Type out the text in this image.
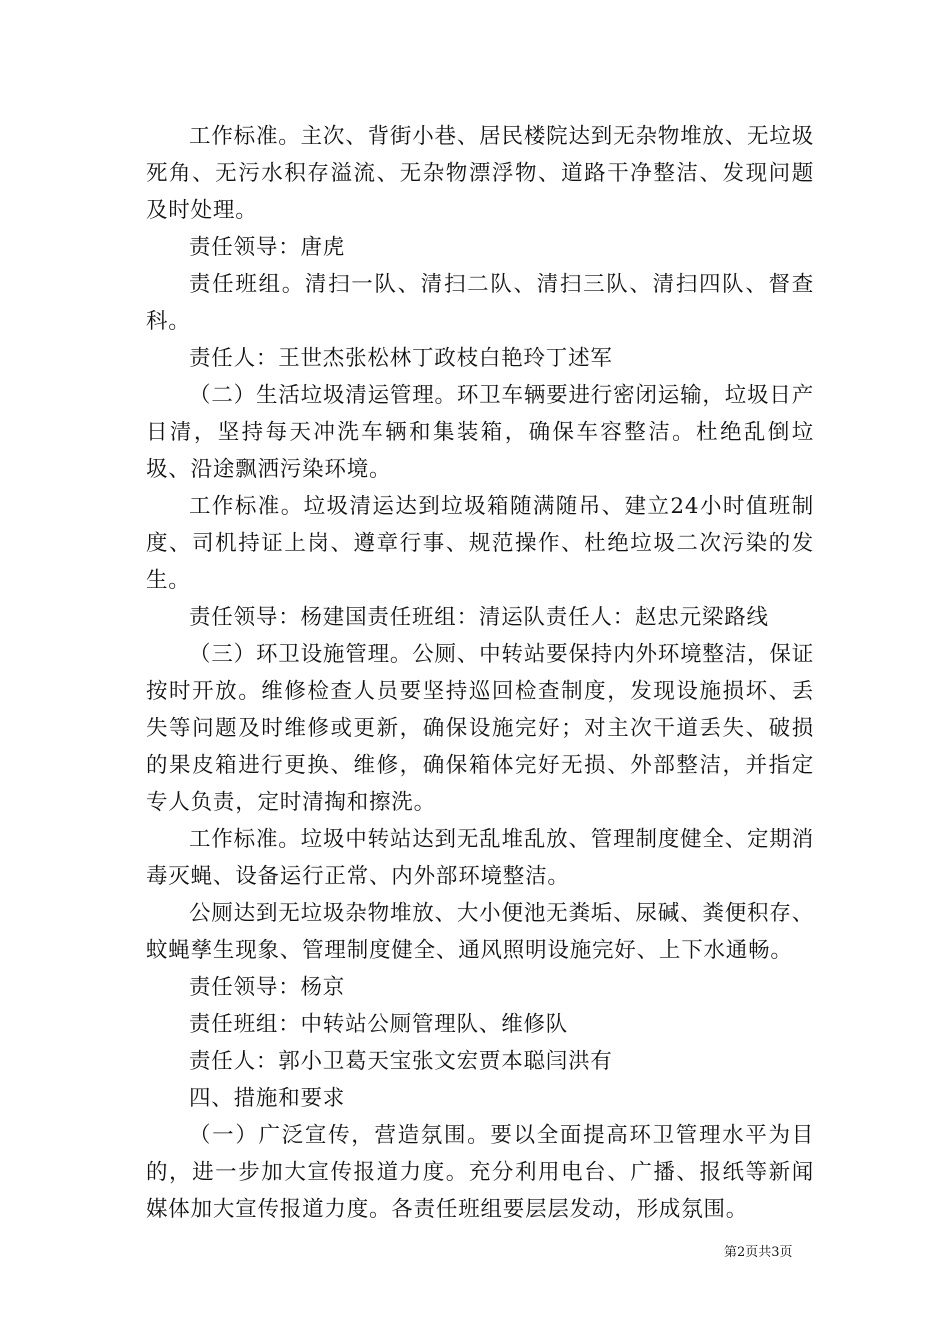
工作标准。主次、背街小巷、居民楼院达到无杂物堆放、无垃圾死角、无污水积存溢流、无杂物漂浮物、道路干净整洁、发现问题及时处理。

责任领导：唐虎

责任班组。清扫一队、清扫二队、清扫三队、清扫四队、督查科。

责任人：王世杰张松林丁政枝白艳玲丁述军

（二）生活垃圾清运管理。环卫车辆要进行密闭运输，垃圾日产日清，坚持每天冲洗车辆和集装箱，确保车容整洁。杜绝乱倒垃圾、沿途飘洒污染环境。

工作标准。垃圾清运达到垃圾箱随满随吊、建立24小时值班制度、司机持证上岗、遵章行事、规范操作、杜绝垃圾二次污染的发生。

责任领导：杨建国责任班组：清运队责任人：赵忠元梁路线

（三）环卫设施管理。公厕、中转站要保持内外环境整洁，保证按时开放。维修检查人员要坚持巡回检查制度，发现设施损坏、丢失等问题及时维修或更新，确保设施完好；对主次干道丢失、破损的果皮箱进行更换、维修，确保箱体完好无损、外部整洁，并指定专人负责，定时清掏和擦洗。

工作标准。垃圾中转站达到无乱堆乱放、管理制度健全、定期消毒灭蝇、设备运行正常、内外部环境整洁。

公厕达到无垃圾杂物堆放、大小便池无粪垢、尿碱、粪便积存、蚊蝇孳生现象、管理制度健全、通风照明设施完好、上下水通畅。

责任领导：杨京

责任班组：中转站公厕管理队、维修队

责任人：郭小卫葛天宝张文宏贾本聪闫洪有

四、措施和要求

（一）广泛宣传，营造氛围。要以全面提高环卫管理水平为目的，进一步加大宣传报道力度。充分利用电台、广播、报纸等新闻媒体加大宣传报道力度。各责任班组要层层发动，形成氛围。

第2页共3页
